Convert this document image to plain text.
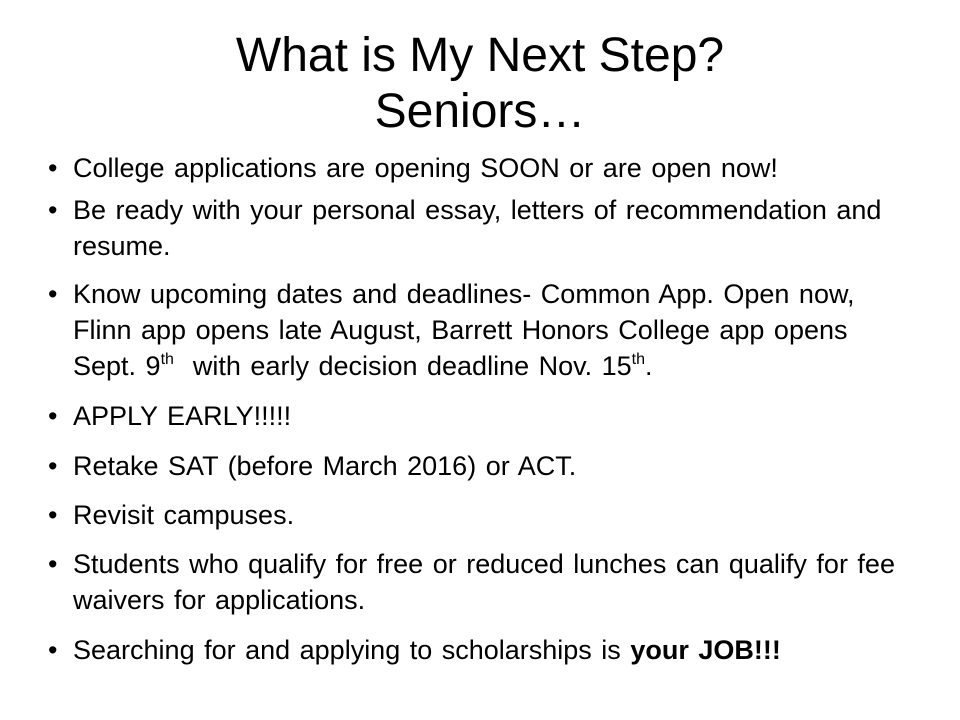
What is My Next Step?
Seniors…
• College applications are opening SOON or are open now!
• Be ready with your personal essay, letters of recommendation and resume.
• Know upcoming dates and deadlines- Common App. Open now, Flinn app opens late August, Barrett Honors College app opens Sept. 9th  with early decision deadline Nov. 15th.
• APPLY EARLY!!!!!
• Retake SAT (before March 2016) or ACT.
• Revisit campuses.
• Students who qualify for free or reduced lunches can qualify for fee waivers for applications.
• Searching for and applying to scholarships is your JOB!!!
